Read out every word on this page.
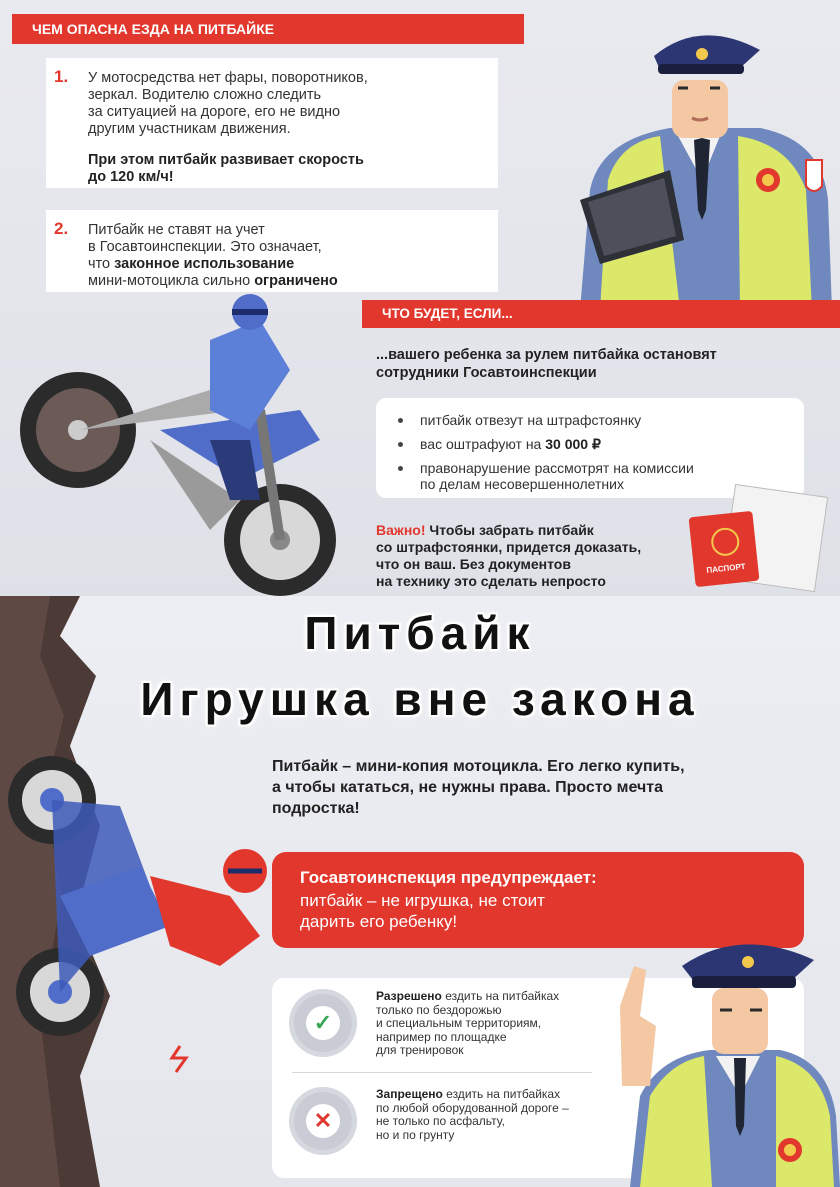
ЧЕМ ОПАСНА ЕЗДА НА ПИТБАЙКЕ
1. У мотосредства нет фары, поворотников,
зеркал. Водителю сложно следить
за ситуацией на дороге, его не видно
другим участникам движения.
При этом питбайк развивает скорость
до 120 км/ч!
2. Питбайк не ставят на учет
в Госавтоинспекции. Это означает,
что законное использование
мини-мотоцикла сильно ограничено
ЧТО БУДЕТ, ЕСЛИ...
...вашего ребенка за рулем питбайка остановят
сотрудники Госавтоинспекции
питбайк отвезут на штрафстоянку
вас оштрафуют на 30 000 ₽
правонарушение рассмотрят на комиссии
по делам несовершеннолетних
Важно! Чтобы забрать питбайк
со штрафстоянки, придется доказать,
что он ваш. Без документов
на технику это сделать непросто
ПАСПОРТ
Питбайк
Игрушка вне закона
Питбайк – мини-копия мотоцикла. Его легко купить,
а чтобы кататься, не нужны права. Просто мечта
подростка!
Госавтоинспекция предупреждает:
питбайк – не игрушка, не стоит
дарить его ребенку!
✓
Разрешено ездить на питбайках
только по бездорожью
и специальным территориям,
например по площадке
для тренировок
✕
Запрещено ездить на питбайках
по любой оборудованной дороге –
не только по асфальту,
но и по грунту
